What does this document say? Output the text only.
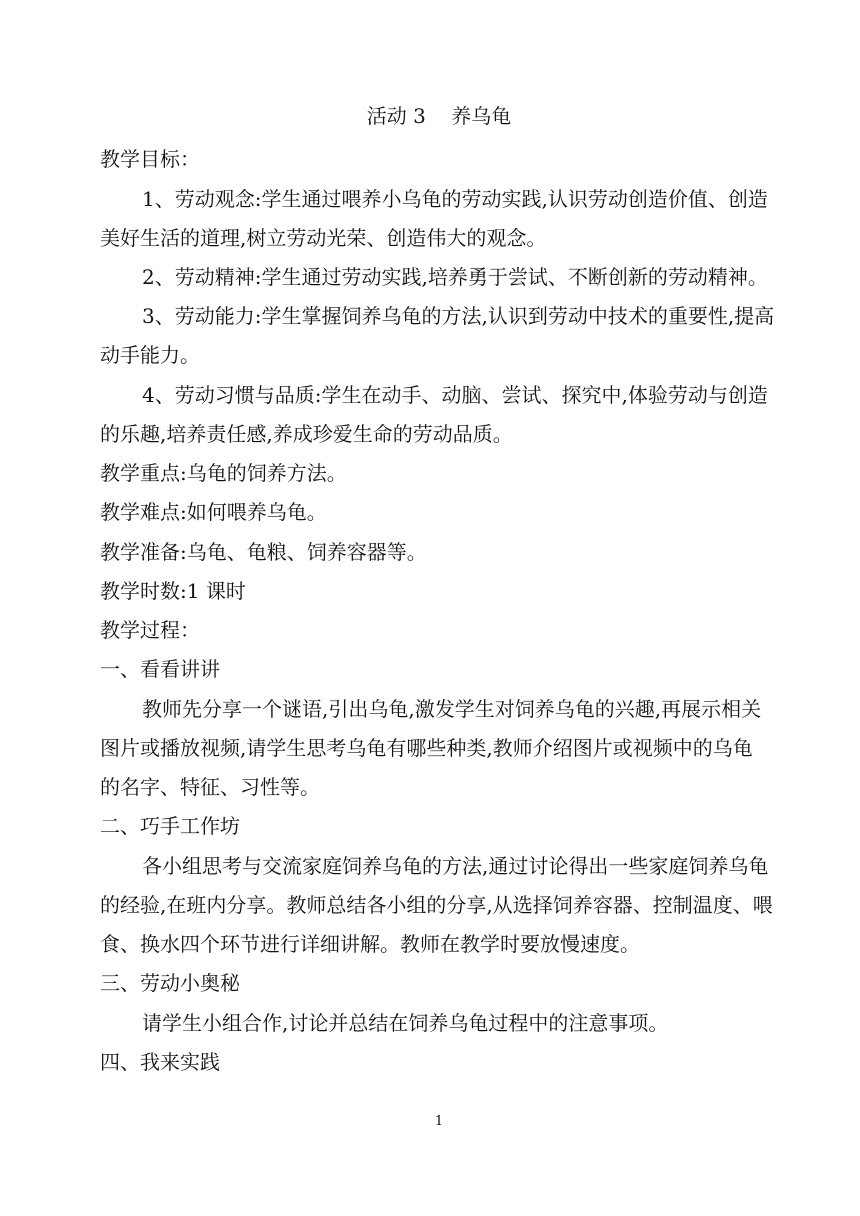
活动 3    养乌龟
教学目标：
1、劳动观念:学生通过喂养小乌龟的劳动实践,认识劳动创造价值、创造
美好生活的道理,树立劳动光荣、创造伟大的观念。
2、劳动精神:学生通过劳动实践,培养勇于尝试、不断创新的劳动精神。
3、劳动能力:学生掌握饲养乌龟的方法,认识到劳动中技术的重要性,提高
动手能力。
4、劳动习惯与品质:学生在动手、动脑、尝试、探究中,体验劳动与创造
的乐趣,培养责任感,养成珍爱生命的劳动品质。
教学重点:乌龟的饲养方法。
教学难点:如何喂养乌龟。
教学准备:乌龟、龟粮、饲养容器等。
教学时数:1 课时
教学过程：
一、看看讲讲
教师先分享一个谜语,引出乌龟,激发学生对饲养乌龟的兴趣,再展示相关
图片或播放视频,请学生思考乌龟有哪些种类,教师介绍图片或视频中的乌龟
的名字、特征、习性等。
二、巧手工作坊
各小组思考与交流家庭饲养乌龟的方法,通过讨论得出一些家庭饲养乌龟
的经验,在班内分享。教师总结各小组的分享,从选择饲养容器、控制温度、喂
食、换水四个环节进行详细讲解。教师在教学时要放慢速度。
三、劳动小奥秘
请学生小组合作,讨论并总结在饲养乌龟过程中的注意事项。
四、我来实践
1
